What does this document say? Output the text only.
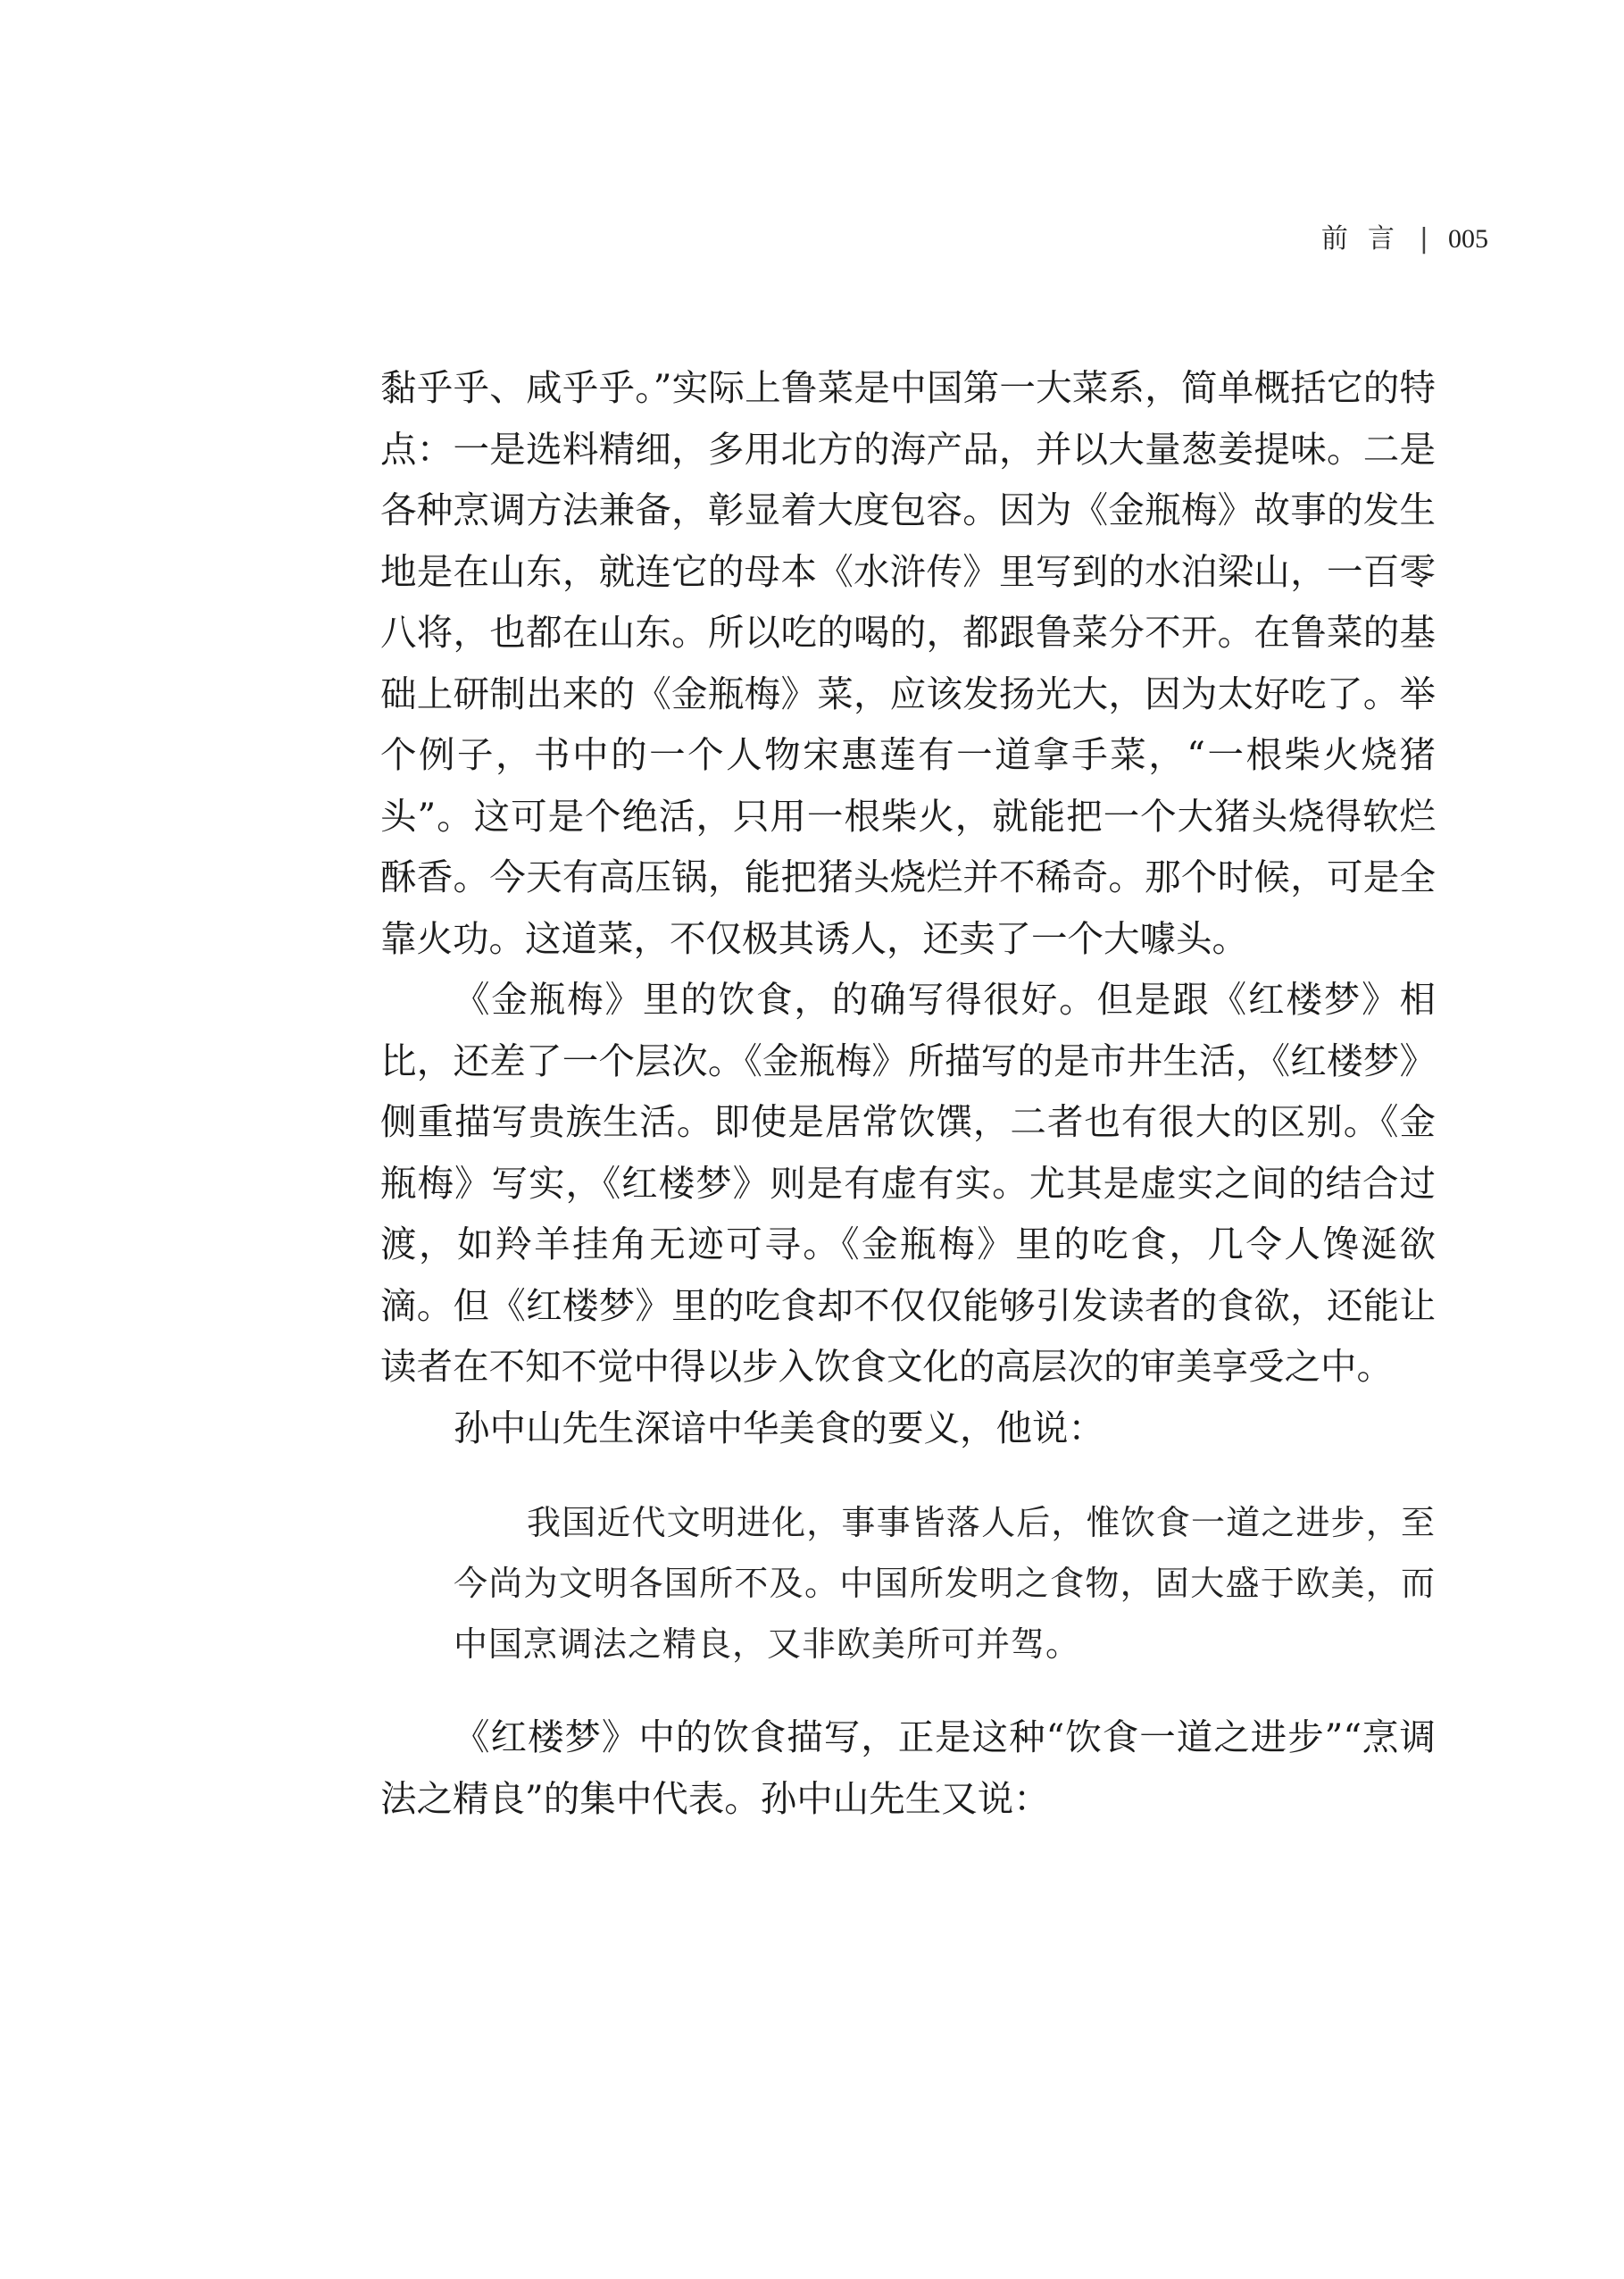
前言 | 005

黏乎乎、咸乎乎。”实际上鲁菜是中国第一大菜系，简单概括它的特点：一是选料精细，多用北方的海产品，并以大量葱姜提味。二是各种烹调方法兼备，彰显着大度包容。因为《金瓶梅》故事的发生地是在山东，就连它的母本《水浒传》里写到的水泊梁山，一百零八将，也都在山东。所以吃的喝的，都跟鲁菜分不开。在鲁菜的基础上研制出来的《金瓶梅》菜，应该发扬光大，因为太好吃了。举个例子，书中的一个人物宋惠莲有一道拿手菜，“一根柴火烧猪头”。这可是个绝活，只用一根柴火，就能把一个大猪头烧得软烂酥香。今天有高压锅，能把猪头烧烂并不稀奇。那个时候，可是全靠火功。这道菜，不仅极其诱人，还卖了一个大噱头。

《金瓶梅》里的饮食，的确写得很好。但是跟《红楼梦》相比，还差了一个层次。《金瓶梅》所描写的是市井生活，《红楼梦》侧重描写贵族生活。即使是居常饮馔，二者也有很大的区别。《金瓶梅》写实，《红楼梦》则是有虚有实。尤其是虚实之间的结合过渡，如羚羊挂角无迹可寻。《金瓶梅》里的吃食，几令人馋涎欲滴。但《红楼梦》里的吃食却不仅仅能够引发读者的食欲，还能让读者在不知不觉中得以步入饮食文化的高层次的审美享受之中。

孙中山先生深谙中华美食的要义，他说：

我国近代文明进化，事事皆落人后，惟饮食一道之进步，至今尚为文明各国所不及。中国所发明之食物，固大盛于欧美，而中国烹调法之精良，又非欧美所可并驾。

《红楼梦》中的饮食描写，正是这种“饮食一道之进步”“烹调法之精良”的集中代表。孙中山先生又说：
